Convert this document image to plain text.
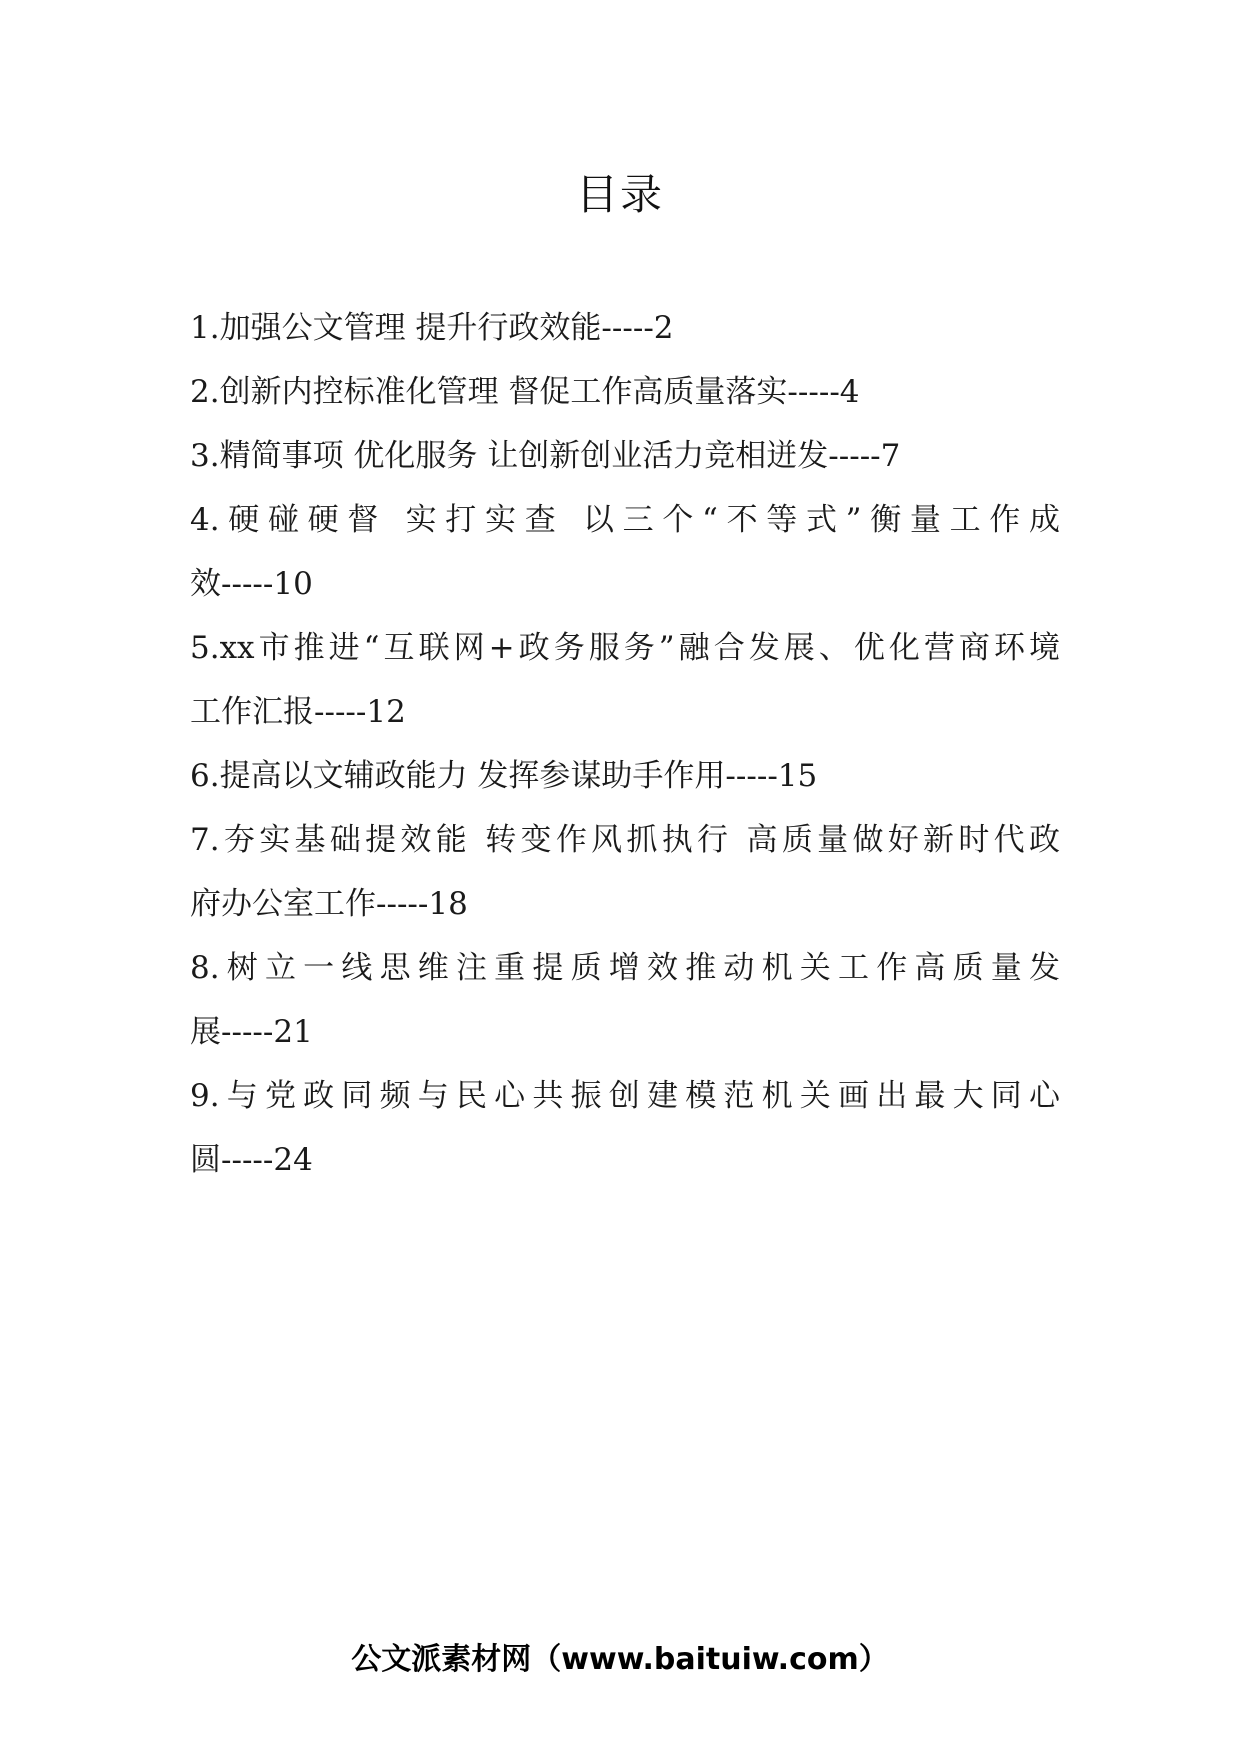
目录
1.加强公文管理 提升行政效能-----2
2.创新内控标准化管理 督促工作高质量落实-----4
3.精简事项 优化服务 让创新创业活力竞相迸发-----7
4.硬碰硬督 实打实查 以三个“不等式”衡量工作成
效-----10
5.xx市推进“互联网+政务服务”融合发展、优化营商环境
工作汇报-----12
6.提高以文辅政能力 发挥参谋助手作用-----15
7.夯实基础提效能 转变作风抓执行 高质量做好新时代政
府办公室工作-----18
8.树立一线思维注重提质增效推动机关工作高质量发
展-----21
9.与党政同频与民心共振创建模范机关画出最大同心
圆-----24
公文派素材网（www.baituiw.com）
